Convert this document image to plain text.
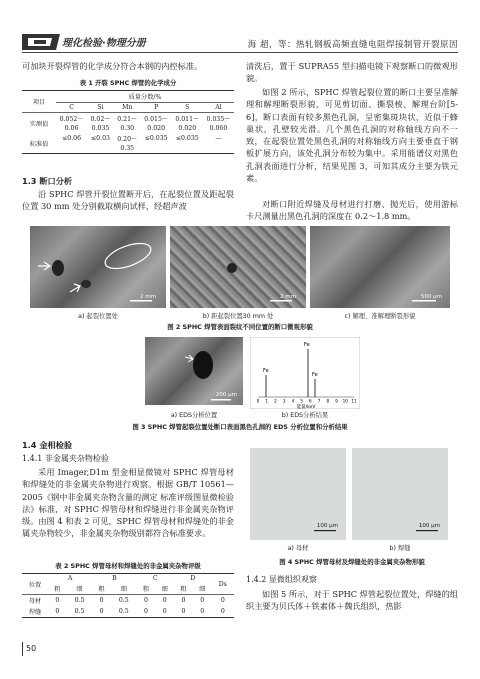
理化检验·物理分册	海 超，等：热轧钢板高频直缝电阻焊接制管开裂原因
可加块开裂焊管的化学成分符合本钢的内控标准。
表 1 开裂 SPHC 焊管的化学成分
项目	质量分数/%					
	C	Si	Mn	P	S	Al
实测值	0.052～	0.02～	0.21～	0.015～	0.011～	0.035～
	0.06	0.035	0.30	0.020	0.020	0.060
标准值	≤0.06	≤0.03	0.20～	≤0.035	≤0.035	—
			0.35			
1.3 断口分析
沿 SPHC 焊管开裂位置断开后，在起裂位置及距起裂位置 30 mm 处分别截取横向试样，经超声波
清洗后，置于 SUPRA55 型扫描电镜下观察断口的微观形貌。
如图 2 所示，SPHC 焊管起裂位置的断口主要呈准解理和解理断裂形貌，可见剪切面、撕裂棱、解理台阶[5-6]，断口表面有较多黑色孔洞，呈密集斑块状，近似于蜂巢状，孔壁较光滑。几个黑色孔洞的对称轴线方向不一致，在起裂位置处黑色孔洞的对称轴线方向主要垂直于钢板扩展方向，该处孔洞分布较为集中。采用能谱仪对黑色孔洞表面进行分析，结果见图 3，可知其成分主要为铁元素。
对断口附近焊缝及母材进行打磨、抛光后，使用游标卡尺测量出黑色孔洞的深度在 0.2～1.8 mm。
2 mm	2 mm	500 μm
a) 起裂位置处	b) 距起裂位置30 mm 处	c) 解理、准解理断裂形貌
图 2 SPHC 焊管表面裂纹不同位置的断口微观形貌
200 μm
Fe
Fe
Fe
0 1 2 3 4 5 6 7 8 9 10 11
能量/keV
a) EDS分析位置	b) EDS分析结果
图 3 SPHC 焊管起裂位置处断口表面黑色孔洞的 EDS 分析位置和分析结果
1.4 金相检验
1.4.1 非金属夹杂物检验
采用 Imager,D1m 型金相显微镜对 SPHC 焊管母材和焊缝处的非金属夹杂物进行观察。根据 GB/T 10561—2005《钢中非金属夹杂物含量的测定 标准评级图显微检验法》标准，对 SPHC 焊管母材和焊缝进行非金属夹杂物评级。由图 4 和表 2 可见，SPHC 焊管母材和焊缝处的非金属夹杂物较少，非金属夹杂物级别都符合标准要求。
表 2 SPHC 焊管母材和焊缝处的非金属夹杂物评级
位置	A		B		C		D		Ds
	粗	细	粗	细	粗	细	粗	细	
母材	0	0.5	0	0.5	0	0	0	0	0
焊缝	0	0.5	0	0.5	0	0	0	0	0
100 μm	100 μm
a) 母材	b) 焊缝
图 4 SPHC 焊管母材及焊缝处的非金属夹杂物形貌
1.4.2 显微组织观察
如图 5 所示，对于 SPHC 焊管起裂位置处，焊缝的组织主要为贝氏体＋铁素体＋魏氏组织，热影
50
